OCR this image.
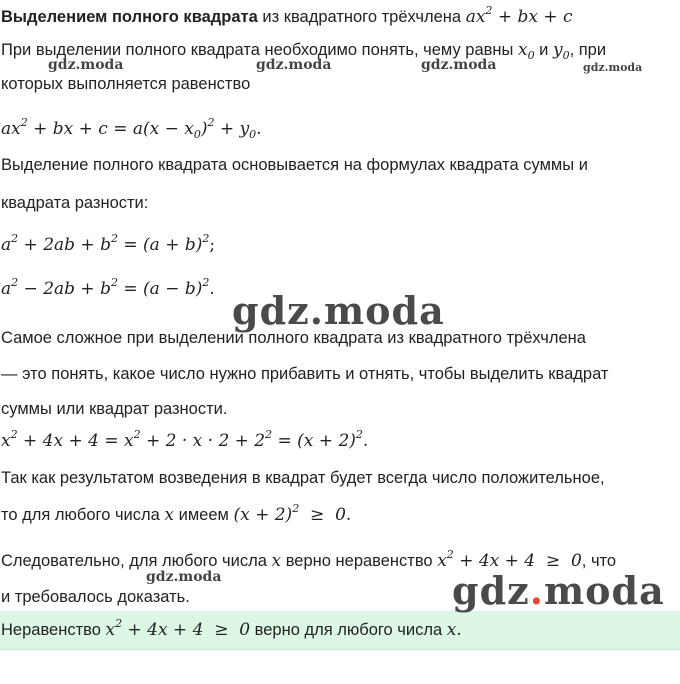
Выделением полного квадрата из квадратного трёхчлена $ax^2$ + bx + c
При выделении полного квадрата необходимо понять, чему равны $x_0$ и $y_0$, при
которых выполняется равенство
$ax^2$ + bx + $c = a(x - x_0)^2 + y_0$.
Выделение полного квадрата основывается на формулах квадрата суммы и
квадрата разности:
$a^2 + 2ab + b^2 = (a + b)^2$;
$a^2 - 2ab + b^2 = (a - b)^2$.
Самое сложное при выделении полного квадрата из квадратного трёхчлена
— это понять, какое число нужно прибавить и отнять, чтобы выделить квадрат
суммы или квадрат разности.
$x^2 + 4x + 4 = x^2 + 2 \cdot x \cdot 2 + 2^2 = (x + 2)^2$.
Так как результатом возведения в квадрат будет всегда число положительное,
то для любого числа x имеем $(x + 2)^2 \ge 0$.
Следовательно, для любого числа x верно неравенство $x^2 + 4x + 4 \ge 0$, что
и требовалось доказать.
Неравенство $x^2 + 4x + 4 \ge 0$ верно для любого числа x.
gdz.moda	gdz.moda	gdz.moda	gdz.moda
gdz.moda
gdz.moda	gdz.moda
